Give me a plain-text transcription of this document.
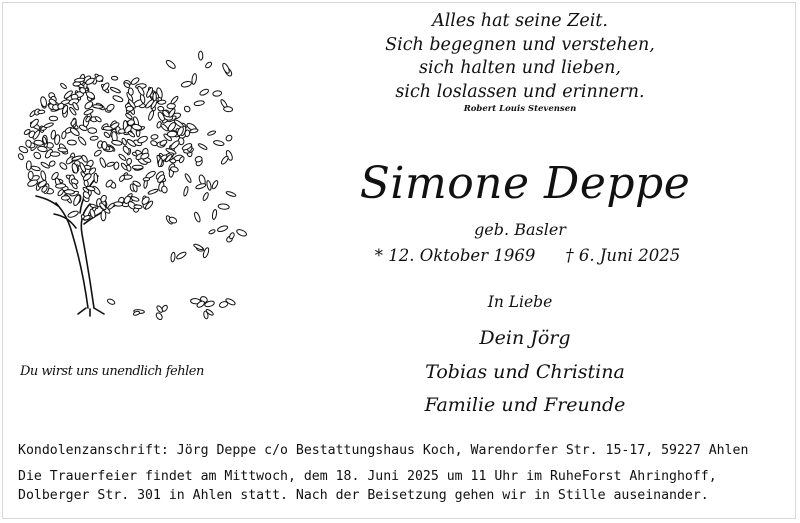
Alles hat seine Zeit.
Sich begegnen und verstehen,
sich halten und lieben,
sich loslassen und erinnern.
Robert Louis Stevensen
Du wirst uns unendlich fehlen
Simone Deppe
geb. Basler
* 12. Oktober 1969 † 6. Juni 2025
In Liebe
Dein Jörg
Tobias und Christina
Familie und Freunde
Kondolenzanschrift: Jörg Deppe c/o Bestattungshaus Koch, Warendorfer Str. 15-17, 59227 Ahlen
Die Trauerfeier findet am Mittwoch, dem 18. Juni 2025 um 11 Uhr im RuheForst Ahringhoff,
Dolberger Str. 301 in Ahlen statt. Nach der Beisetzung gehen wir in Stille auseinander.
